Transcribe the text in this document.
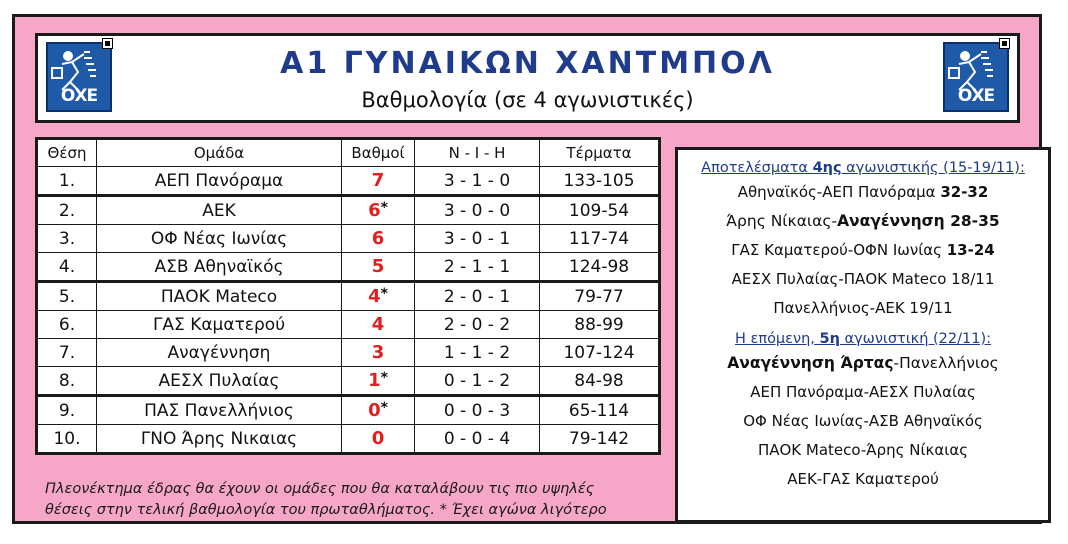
ΟΧΕ
Α1 ΓΥΝΑΙΚΩΝ ΧΑΝΤΜΠΟΛ
Βαθμολογία (σε 4 αγωνιστικές)	ΟΧΕ
Θέση	Ομάδα	Βαθμοί	Ν - Ι - Η	Τέρματα
1.	ΑΕΠ Πανόραμα	7	3 - 1 - 0	133-105
2.	ΑΕΚ	6*	3 - 0 - 0	109-54
3.	ΟΦ Νέας Ιωνίας	6	3 - 0 - 1	117-74
4.	ΑΣΒ Αθηναϊκός	5	2 - 1 - 1	124-98
5.	ΠΑΟΚ Mateco	4*	2 - 0 - 1	79-77
6.	ΓΑΣ Καματερού	4	2 - 0 - 2	88-99
7.	Αναγέννηση	3	1 - 1 - 2	107-124
8.	ΑΕΣΧ Πυλαίας	1*	0 - 1 - 2	84-98
9.	ΠΑΣ Πανελλήνιος	0*	0 - 0 - 3	65-114
10.	ΓΝΟ Άρης Νικαιας	0	0 - 0 - 4	79-142
Πλεονέκτημα έδρας θα έχουν οι ομάδες που θα καταλάβουν τις πιο υψηλές
θέσεις στην τελική βαθμολογία του πρωταθλήματος. * Έχει αγώνα λιγότερο
Αποτελέσματα 4ης αγωνιστικής (15-19/11):
Αθηναϊκός-ΑΕΠ Πανόραμα 32-32
Άρης Νίκαιας-Αναγέννηση 28-35
ΓΑΣ Καματερού-ΟΦΝ Ιωνίας 13-24
ΑΕΣΧ Πυλαίας-ΠΑΟΚ Mateco 18/11
Πανελλήνιος-ΑΕΚ 19/11
Η επόμενη, 5η αγωνιστική (22/11):
Αναγέννηση Άρτας-Πανελλήνιος
ΑΕΠ Πανόραμα-ΑΕΣΧ Πυλαίας
ΟΦ Νέας Ιωνίας-ΑΣΒ Αθηναϊκός
ΠΑΟΚ Mateco-Άρης Νίκαιας
ΑΕΚ-ΓΑΣ Καματερού
